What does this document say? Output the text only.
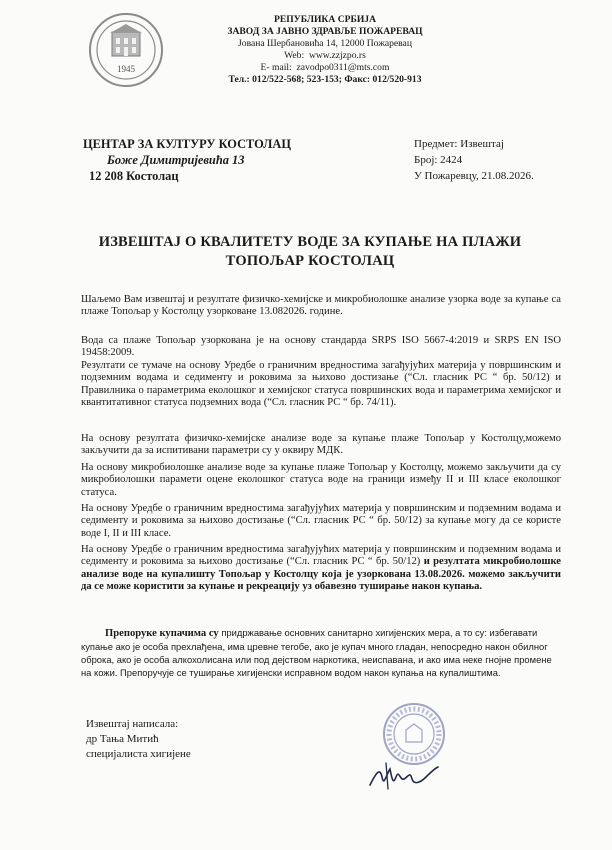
1945
РЕПУБЛИКА СРБИЈА
ЗАВОД ЗА ЈАВНО ЗДРАВЉЕ ПОЖАРЕВАЦ
Јована Шербановића 14, 12000 Пожаревац
Web: www.zzjzpo.rs
E- mail: zavodpo0311@mts.com
Тел.: 012/522-568; 523-153; Факс: 012/520-913
ЦЕНТАР ЗА КУЛТУРУ КОСТОЛАЦ
Боже Димитријевића 13
12 208 Костолац
Предмет: Извештај
Број: 2424
У Пожаревцу, 21.08.2026.
ИЗВЕШТАЈ О КВАЛИТЕТУ ВОДЕ ЗА КУПАЊЕ НА ПЛАЖИ
ТОПОЉАР КОСТОЛАЦ
Шаљемо Вам извештај и резултате физичко-хемијске и микробиолошке анализе узорка воде за купање са плаже Топољар у Костолцу узорковане 13.082026. године.
Вода са плаже Топољар узоркована је на основу стандарда SRPS ISO 5667-4:2019 и SRPS EN ISO 19458:2009.
Резултати се тумаче на основу Уредбе о граничним вредностима загађујућих материја у површинским и подземним водама и седименту и роковима за њихово достизање (“Сл. гласник РС “ бр. 50/12) и Правилника о параметрима еколошког и хемијског статуса површинских вода и параметрима хемијског и квантитативног статуса подземних вода (“Сл. гласник РС “ бр. 74/11).
На основу резултата физичко-хемијске анализе воде за купање плаже Топољар у Костолцу,можемо закључити да за испитивани параметри су у оквиру МДК.
На основу микробиолошке анализе воде за купање плаже Топољар у Костолцу, можемо закључити да су микробиолошки парамети оцене еколошког статуса воде на граници између II и III класе еколошког статуса.
На основу Уредбе о граничним вредностима загађујућих материја у површинским и подземним водама и седименту и роковима за њихово достизање (“Сл. гласник РС “ бр. 50/12) за купање могу да се користе воде I, II и III класе.
На основу Уредбе о граничним вредностима загађујућих материја у површинским и подземним водама и седименту и роковима за њихово достизање (“Сл. гласник РС “ бр. 50/12) и резултата микробиолошке анализе воде на купалишту Топољар у Костолцу која је узоркована 13.08.2026. можемо закључити да се може користити за купање и рекреацију уз обавезно туширање након купања.
Препоруке купачима су придржавање основних санитарно хигијенских мера, а то су: избегавати купање ако је особа прехлађена, има цревне тегобе, ако је купач много гладан, непосредно након обилног оброка, ако је особа алкохолисана или под дејством наркотика, неиспавана, и ако има неке гнојне промене на кожи. Препоручује се туширање хигијенски исправном водом након купања на купалиштима.
Извештај написала:
др Тања Митић
специјалиста хигијене
